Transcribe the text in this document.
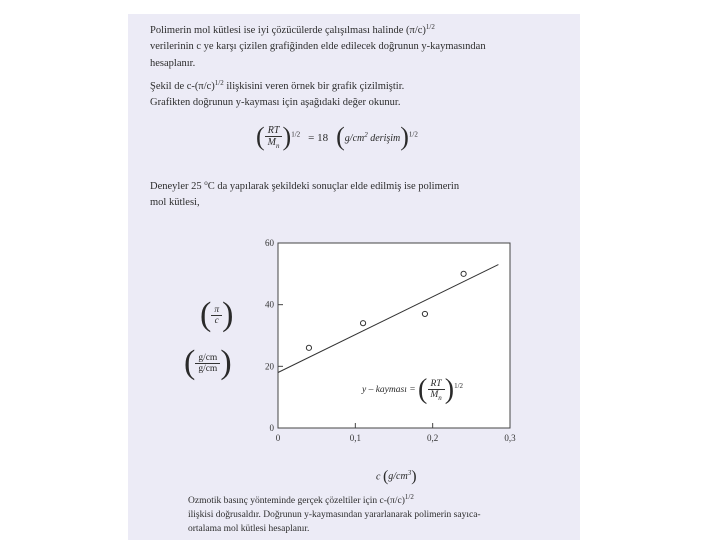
Polimerin mol kütlesi ise iyi çözücülerde çalışılması halinde $(\pi/c)^{1/2}$
verilerinin c ye karşı çizilen grafiğinden elde edilecek doğrunun y-kaymasından
hesaplanır.

Şekil de $c-(\pi/c)^{1/2}$ ilişkisini veren örnek bir grafik çizilmiştir.
Grafikten doğrunun y-kayması için aşağıdaki değer okunur.

( $\frac{RT}{M_n} )^{1/2} = 18$ ($g/cm^2$ derişim)$^{1/2}$

Deneyler 25 $^o$C da yapılarak şekildeki sonuçlar elde edilmiş ise polimerin
mol kütlesi,

0
20
40
60
0	0,1	0,2	0,3
( $\frac{\pi}{c}$ )
( $\frac{g/cm}{g/cm}$ )
c $(g/cm^3)$
y – kayması = ( $\frac{RT}{M_n} )^{1/2}$

Ozmotik basınç yönteminde gerçek çözeltiler için $c-(\pi/c)^{1/2}$
ilişkisi doğrusaldır. Doğrunun y-kaymasından yararlanarak polimerin sayıca-
ortalama mol kütlesi hesaplanır.
